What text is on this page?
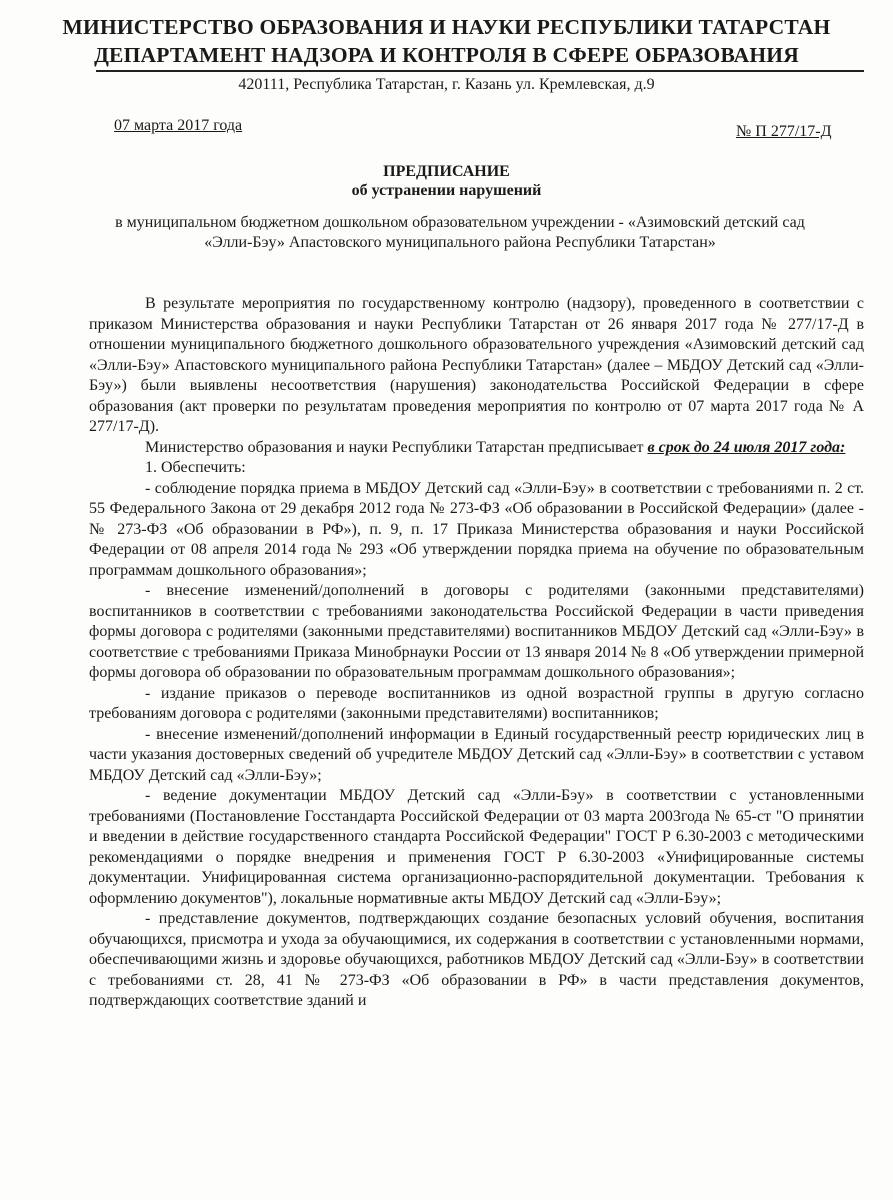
МИНИСТЕРСТВО ОБРАЗОВАНИЯ И НАУКИ РЕСПУБЛИКИ ТАТАРСТАН
ДЕПАРТАМЕНТ НАДЗОРА И КОНТРОЛЯ В СФЕРЕ ОБРАЗОВАНИЯ
420111, Республика Татарстан, г. Казань ул. Кремлевская, д.9
07 марта 2017 года	№ П 277/17-Д
ПРЕДПИСАНИЕ
об устранении нарушений
в муниципальном бюджетном дошкольном образовательном учреждении - «Азимовский детский сад «Элли-Бэу» Апастовского муниципального района Республики Татарстан»

В результате мероприятия по государственному контролю (надзору), проведенного в соответствии с приказом Министерства образования и науки Республики Татарстан от 26 января 2017 года № 277/17-Д в отношении муниципального бюджетного дошкольного образовательного учреждения «Азимовский детский сад «Элли-Бэу» Апастовского муниципального района Республики Татарстан» (далее – МБДОУ Детский сад «Элли-Бэу») были выявлены несоответствия (нарушения) законодательства Российской Федерации в сфере образования (акт проверки по результатам проведения мероприятия по контролю от 07 марта 2017 года № А 277/17-Д).

Министерство образования и науки Республики Татарстан предписывает в срок до 24 июля 2017 года:

1. Обеспечить:

- соблюдение порядка приема в МБДОУ Детский сад «Элли-Бэу» в соответствии с требованиями п. 2 ст. 55 Федерального Закона от 29 декабря 2012 года № 273-ФЗ «Об образовании в Российской Федерации» (далее - № 273-ФЗ «Об образовании в РФ»), п. 9, п. 17 Приказа Министерства образования и науки Российской Федерации от 08 апреля 2014 года № 293 «Об утверждении порядка приема на обучение по образовательным программам дошкольного образования»;

- внесение изменений/дополнений в договоры с родителями (законными представителями) воспитанников в соответствии с требованиями законодательства Российской Федерации в части приведения формы договора с родителями (законными представителями) воспитанников МБДОУ Детский сад «Элли-Бэу» в соответствие с требованиями Приказа Минобрнауки России от 13 января 2014 № 8 «Об утверждении примерной формы договора об образовании по образовательным программам дошкольного образования»;

- издание приказов о переводе воспитанников из одной возрастной группы в другую согласно требованиям договора с родителями (законными представителями) воспитанников;

- внесение изменений/дополнений информации в Единый государственный реестр юридических лиц в части указания достоверных сведений об учредителе МБДОУ Детский сад «Элли-Бэу» в соответствии с уставом МБДОУ Детский сад «Элли-Бэу»;

- ведение документации МБДОУ Детский сад «Элли-Бэу» в соответствии с установленными требованиями (Постановление Госстандарта Российской Федерации от 03 марта 2003года № 65-ст "О принятии и введении в действие государственного стандарта Российской Федерации" ГОСТ Р 6.30-2003 с методическими рекомендациями о порядке внедрения и применения ГОСТ Р 6.30-2003 «Унифицированные системы документации. Унифицированная система организационно-распорядительной документации. Требования к оформлению документов"), локальные нормативные акты МБДОУ Детский сад «Элли-Бэу»;

- представление документов, подтверждающих создание безопасных условий обучения, воспитания обучающихся, присмотра и ухода за обучающимися, их содержания в соответствии с установленными нормами, обеспечивающими жизнь и здоровье обучающихся, работников МБДОУ Детский сад «Элли-Бэу» в соответствии с требованиями ст. 28, 41 № 273-ФЗ «Об образовании в РФ» в части представления документов, подтверждающих соответствие зданий и
